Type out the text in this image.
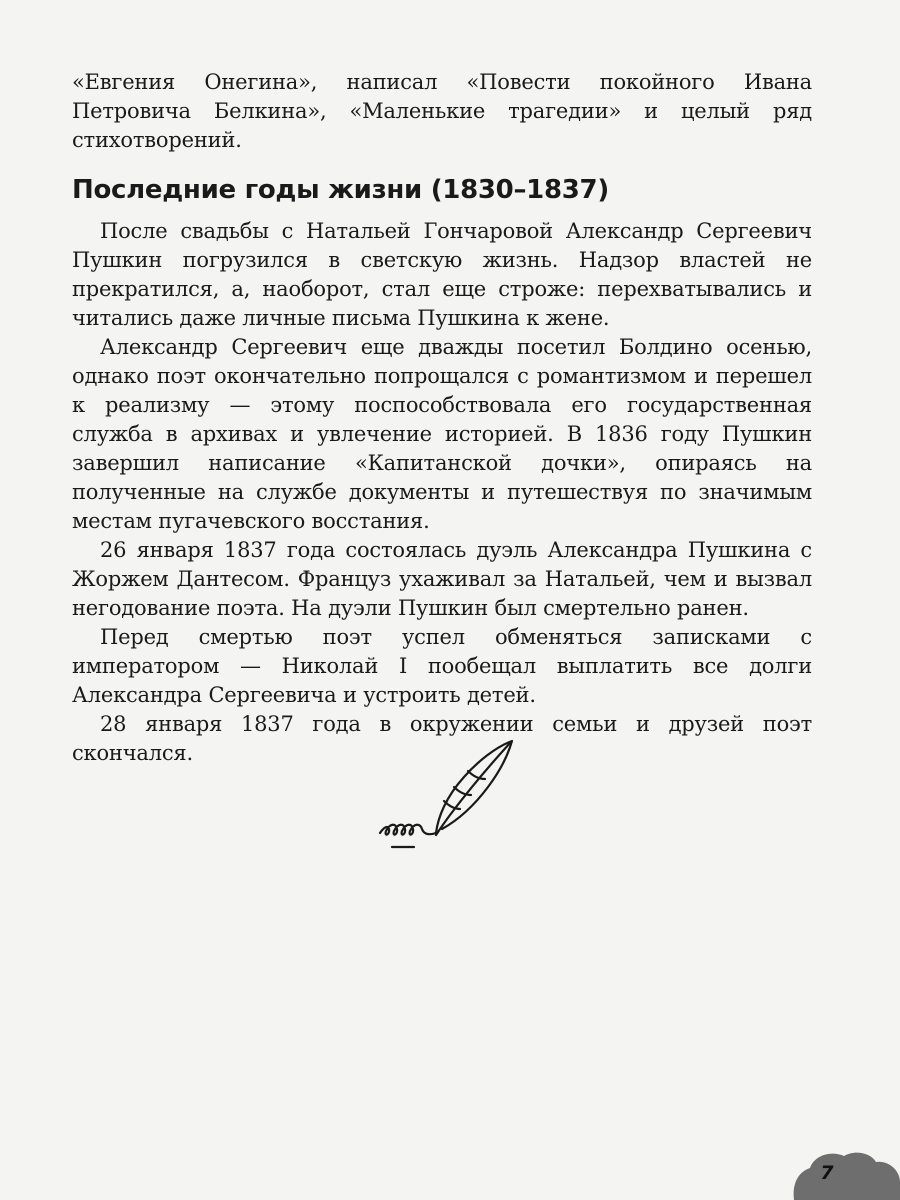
«Евгения Онегина», написал «Повести покойного Ивана Петровича Белкина», «Маленькие трагедии» и целый ряд стихотворений.

Последние годы жизни (1830–1837)

После свадьбы с Натальей Гончаровой Александр Сергеевич Пушкин погрузился в светскую жизнь. Надзор властей не прекратился, а, наоборот, стал еще строже: перехватывались и читались даже личные письма Пушкина к жене.

Александр Сергеевич еще дважды посетил Болдино осенью, однако поэт окончательно попрощался с романтизмом и перешел к реализму — этому поспособствовала его государственная служба в архивах и увлечение историей. В 1836 году Пушкин завершил написание «Капитанской дочки», опираясь на полученные на службе документы и путешествуя по значимым местам пугачевского восстания.

26 января 1837 года состоялась дуэль Александра Пушкина с Жоржем Дантесом. Француз ухаживал за Натальей, чем и вызвал негодование поэта. На дуэли Пушкин был смертельно ранен.

Перед смертью поэт успел обменяться записками с императором — Николай I пообещал выплатить все долги Александра Сергеевича и устроить детей.

28 января 1837 года в окружении семьи и друзей поэт скончался.

7
